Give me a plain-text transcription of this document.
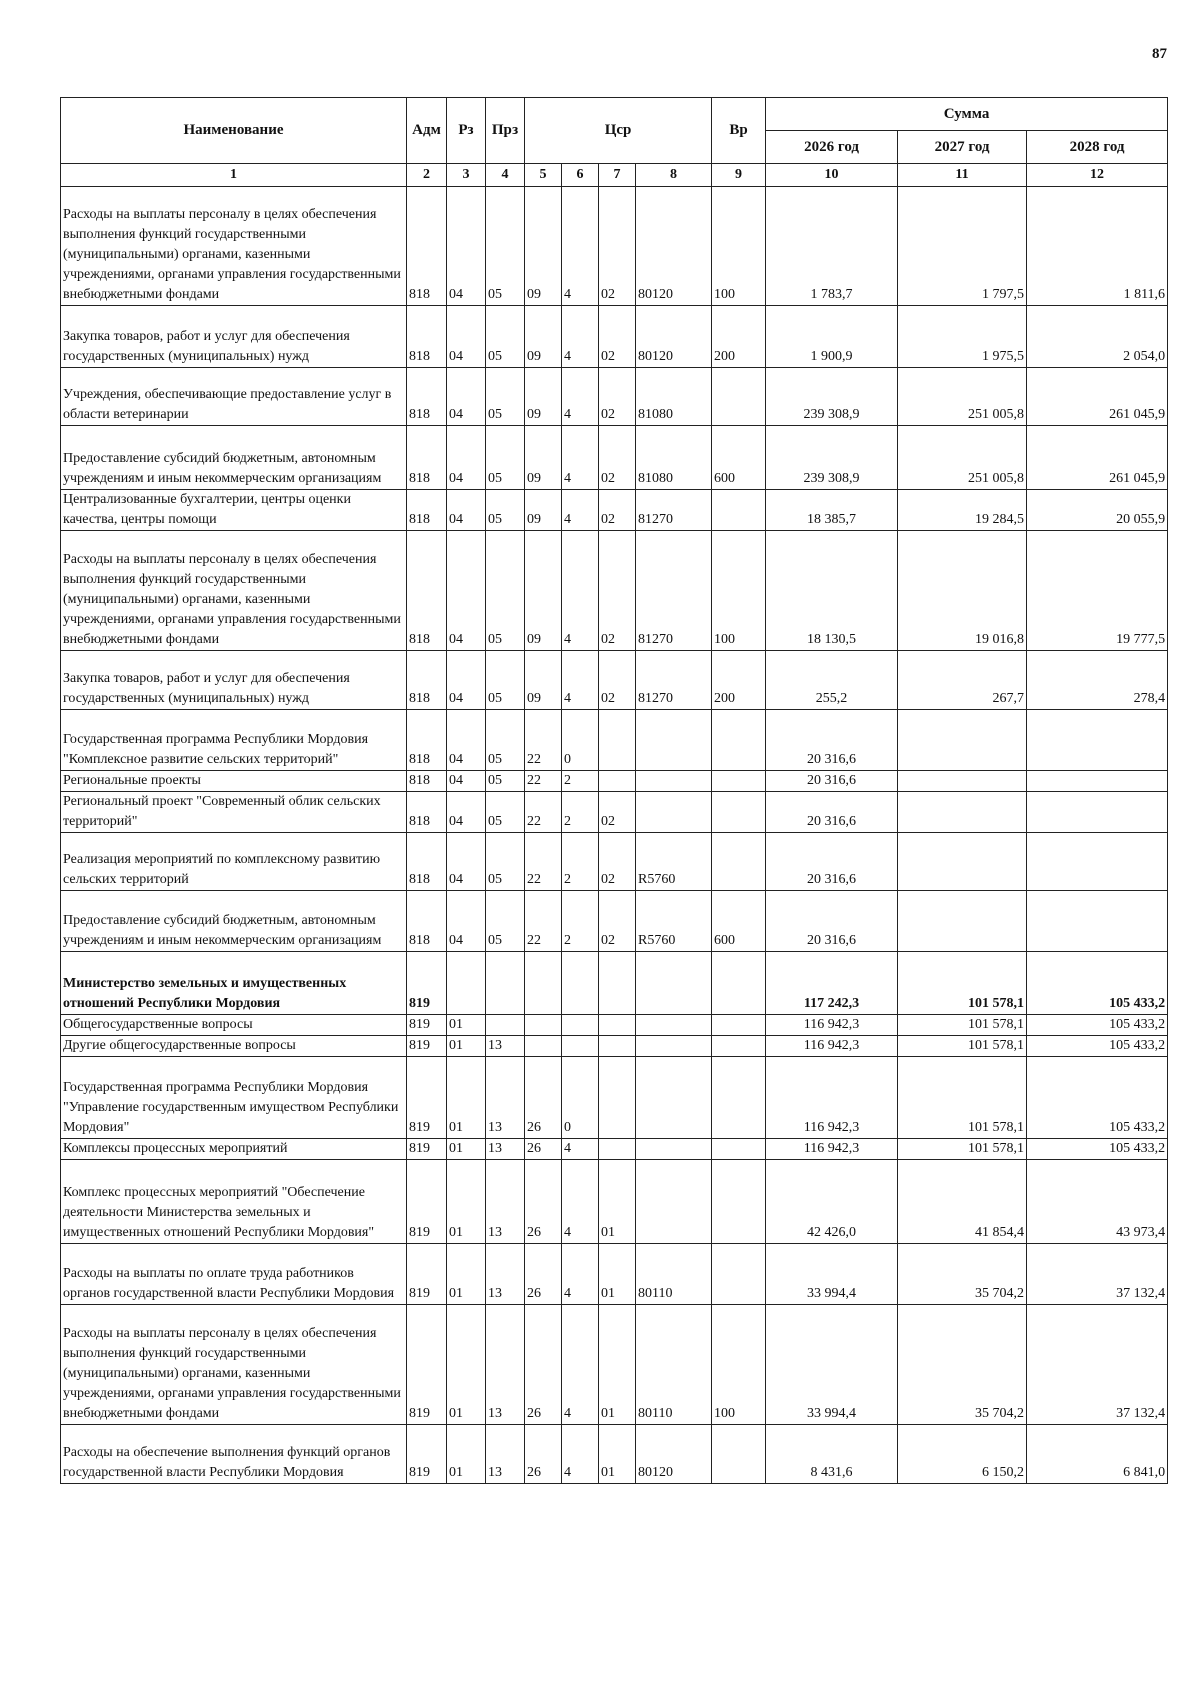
87
Наименование	Адм	Рз	Прз	Цср				Вр	Сумма		
									2026 год	2027 год	2028 год
1	2	3	4	5	6	7	8	9	10	11	12
Расходы на выплаты персоналу в целях обеспечения выполнения функций государственными (муниципальными) органами, казенными учреждениями, органами управления государственными внебюджетными фондами	818	04	05	09	4	02	80120	100	1 783,7	1 797,5	1 811,6
Закупка товаров, работ и услуг для обеспечения государственных (муниципальных) нужд	818	04	05	09	4	02	80120	200	1 900,9	1 975,5	2 054,0
Учреждения, обеспечивающие предоставление услуг в области ветеринарии	818	04	05	09	4	02	81080		239 308,9	251 005,8	261 045,9
Предоставление субсидий бюджетным, автономным учреждениям и иным некоммерческим организациям	818	04	05	09	4	02	81080	600	239 308,9	251 005,8	261 045,9
Централизованные бухгалтерии, центры оценки качества, центры помощи	818	04	05	09	4	02	81270		18 385,7	19 284,5	20 055,9
Расходы на выплаты персоналу в целях обеспечения выполнения функций государственными (муниципальными) органами, казенными учреждениями, органами управления государственными внебюджетными фондами	818	04	05	09	4	02	81270	100	18 130,5	19 016,8	19 777,5
Закупка товаров, работ и услуг для обеспечения государственных (муниципальных) нужд	818	04	05	09	4	02	81270	200	255,2	267,7	278,4
Государственная программа Республики Мордовия "Комплексное развитие сельских территорий"	818	04	05	22	0				20 316,6		
Региональные проекты	818	04	05	22	2				20 316,6		
Региональный проект "Современный облик сельских территорий"	818	04	05	22	2	02			20 316,6		
Реализация мероприятий по комплексному развитию сельских территорий	818	04	05	22	2	02	R5760		20 316,6		
Предоставление субсидий бюджетным, автономным учреждениям и иным некоммерческим организациям	818	04	05	22	2	02	R5760	600	20 316,6		
Министерство земельных и имущественных отношений Республики Мордовия	819								117 242,3	101 578,1	105 433,2
Общегосударственные вопросы	819	01							116 942,3	101 578,1	105 433,2
Другие общегосударственные вопросы	819	01	13						116 942,3	101 578,1	105 433,2
Государственная программа Республики Мордовия "Управление государственным имуществом Республики Мордовия"	819	01	13	26	0				116 942,3	101 578,1	105 433,2
Комплексы процессных мероприятий	819	01	13	26	4				116 942,3	101 578,1	105 433,2
Комплекс процессных мероприятий "Обеспечение деятельности Министерства земельных и имущественных отношений Республики Мордовия"	819	01	13	26	4	01			42 426,0	41 854,4	43 973,4
Расходы на выплаты по оплате труда работников органов государственной власти Республики Мордовия	819	01	13	26	4	01	80110		33 994,4	35 704,2	37 132,4
Расходы на выплаты персоналу в целях обеспечения выполнения функций государственными (муниципальными) органами, казенными учреждениями, органами управления государственными внебюджетными фондами	819	01	13	26	4	01	80110	100	33 994,4	35 704,2	37 132,4
Расходы на обеспечение выполнения функций органов государственной власти Республики Мордовия	819	01	13	26	4	01	80120		8 431,6	6 150,2	6 841,0
